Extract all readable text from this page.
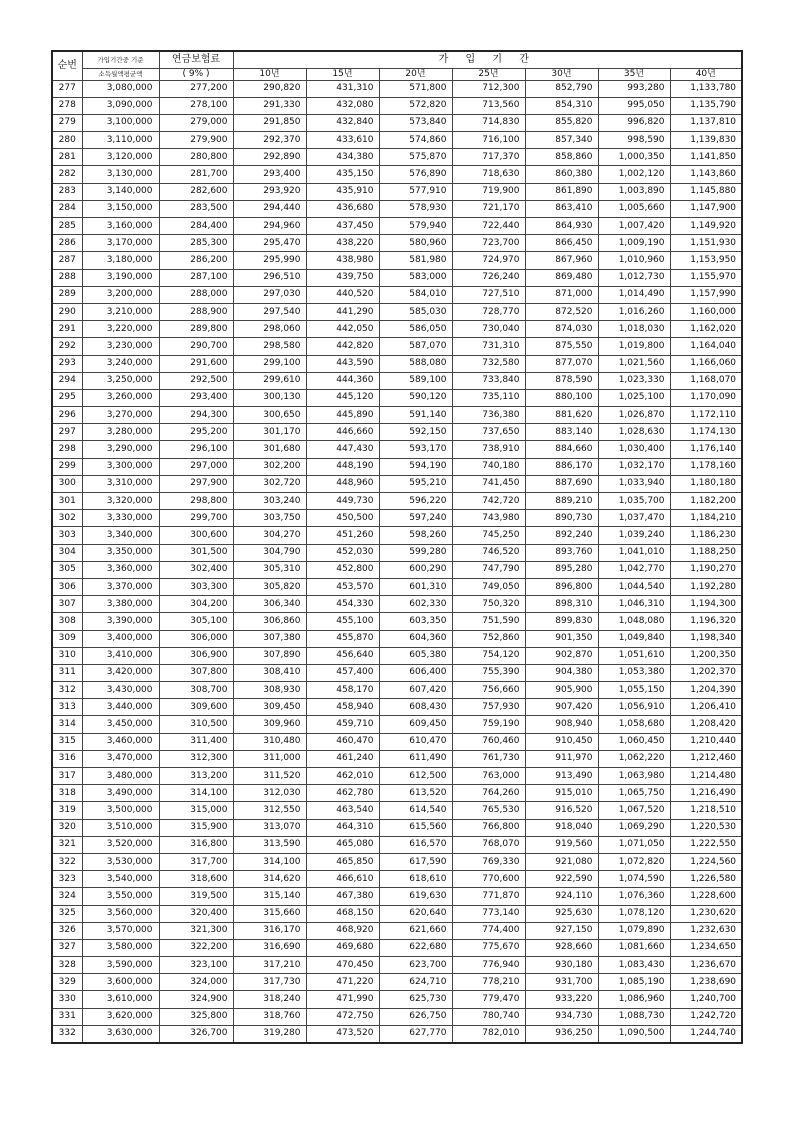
순번	가입기간중 기준	연금보험료	가 입 기 간						
	소득월액평균액	( 9% )	10년	15년	20년	25년	30년	35년	40년
277	3,080,000	277,200	290,820	431,310	571,800	712,300	852,790	993,280	1,133,780
278	3,090,000	278,100	291,330	432,080	572,820	713,560	854,310	995,050	1,135,790
279	3,100,000	279,000	291,850	432,840	573,840	714,830	855,820	996,820	1,137,810
280	3,110,000	279,900	292,370	433,610	574,860	716,100	857,340	998,590	1,139,830
281	3,120,000	280,800	292,890	434,380	575,870	717,370	858,860	1,000,350	1,141,850
282	3,130,000	281,700	293,400	435,150	576,890	718,630	860,380	1,002,120	1,143,860
283	3,140,000	282,600	293,920	435,910	577,910	719,900	861,890	1,003,890	1,145,880
284	3,150,000	283,500	294,440	436,680	578,930	721,170	863,410	1,005,660	1,147,900
285	3,160,000	284,400	294,960	437,450	579,940	722,440	864,930	1,007,420	1,149,920
286	3,170,000	285,300	295,470	438,220	580,960	723,700	866,450	1,009,190	1,151,930
287	3,180,000	286,200	295,990	438,980	581,980	724,970	867,960	1,010,960	1,153,950
288	3,190,000	287,100	296,510	439,750	583,000	726,240	869,480	1,012,730	1,155,970
289	3,200,000	288,000	297,030	440,520	584,010	727,510	871,000	1,014,490	1,157,990
290	3,210,000	288,900	297,540	441,290	585,030	728,770	872,520	1,016,260	1,160,000
291	3,220,000	289,800	298,060	442,050	586,050	730,040	874,030	1,018,030	1,162,020
292	3,230,000	290,700	298,580	442,820	587,070	731,310	875,550	1,019,800	1,164,040
293	3,240,000	291,600	299,100	443,590	588,080	732,580	877,070	1,021,560	1,166,060
294	3,250,000	292,500	299,610	444,360	589,100	733,840	878,590	1,023,330	1,168,070
295	3,260,000	293,400	300,130	445,120	590,120	735,110	880,100	1,025,100	1,170,090
296	3,270,000	294,300	300,650	445,890	591,140	736,380	881,620	1,026,870	1,172,110
297	3,280,000	295,200	301,170	446,660	592,150	737,650	883,140	1,028,630	1,174,130
298	3,290,000	296,100	301,680	447,430	593,170	738,910	884,660	1,030,400	1,176,140
299	3,300,000	297,000	302,200	448,190	594,190	740,180	886,170	1,032,170	1,178,160
300	3,310,000	297,900	302,720	448,960	595,210	741,450	887,690	1,033,940	1,180,180
301	3,320,000	298,800	303,240	449,730	596,220	742,720	889,210	1,035,700	1,182,200
302	3,330,000	299,700	303,750	450,500	597,240	743,980	890,730	1,037,470	1,184,210
303	3,340,000	300,600	304,270	451,260	598,260	745,250	892,240	1,039,240	1,186,230
304	3,350,000	301,500	304,790	452,030	599,280	746,520	893,760	1,041,010	1,188,250
305	3,360,000	302,400	305,310	452,800	600,290	747,790	895,280	1,042,770	1,190,270
306	3,370,000	303,300	305,820	453,570	601,310	749,050	896,800	1,044,540	1,192,280
307	3,380,000	304,200	306,340	454,330	602,330	750,320	898,310	1,046,310	1,194,300
308	3,390,000	305,100	306,860	455,100	603,350	751,590	899,830	1,048,080	1,196,320
309	3,400,000	306,000	307,380	455,870	604,360	752,860	901,350	1,049,840	1,198,340
310	3,410,000	306,900	307,890	456,640	605,380	754,120	902,870	1,051,610	1,200,350
311	3,420,000	307,800	308,410	457,400	606,400	755,390	904,380	1,053,380	1,202,370
312	3,430,000	308,700	308,930	458,170	607,420	756,660	905,900	1,055,150	1,204,390
313	3,440,000	309,600	309,450	458,940	608,430	757,930	907,420	1,056,910	1,206,410
314	3,450,000	310,500	309,960	459,710	609,450	759,190	908,940	1,058,680	1,208,420
315	3,460,000	311,400	310,480	460,470	610,470	760,460	910,450	1,060,450	1,210,440
316	3,470,000	312,300	311,000	461,240	611,490	761,730	911,970	1,062,220	1,212,460
317	3,480,000	313,200	311,520	462,010	612,500	763,000	913,490	1,063,980	1,214,480
318	3,490,000	314,100	312,030	462,780	613,520	764,260	915,010	1,065,750	1,216,490
319	3,500,000	315,000	312,550	463,540	614,540	765,530	916,520	1,067,520	1,218,510
320	3,510,000	315,900	313,070	464,310	615,560	766,800	918,040	1,069,290	1,220,530
321	3,520,000	316,800	313,590	465,080	616,570	768,070	919,560	1,071,050	1,222,550
322	3,530,000	317,700	314,100	465,850	617,590	769,330	921,080	1,072,820	1,224,560
323	3,540,000	318,600	314,620	466,610	618,610	770,600	922,590	1,074,590	1,226,580
324	3,550,000	319,500	315,140	467,380	619,630	771,870	924,110	1,076,360	1,228,600
325	3,560,000	320,400	315,660	468,150	620,640	773,140	925,630	1,078,120	1,230,620
326	3,570,000	321,300	316,170	468,920	621,660	774,400	927,150	1,079,890	1,232,630
327	3,580,000	322,200	316,690	469,680	622,680	775,670	928,660	1,081,660	1,234,650
328	3,590,000	323,100	317,210	470,450	623,700	776,940	930,180	1,083,430	1,236,670
329	3,600,000	324,000	317,730	471,220	624,710	778,210	931,700	1,085,190	1,238,690
330	3,610,000	324,900	318,240	471,990	625,730	779,470	933,220	1,086,960	1,240,700
331	3,620,000	325,800	318,760	472,750	626,750	780,740	934,730	1,088,730	1,242,720
332	3,630,000	326,700	319,280	473,520	627,770	782,010	936,250	1,090,500	1,244,740
